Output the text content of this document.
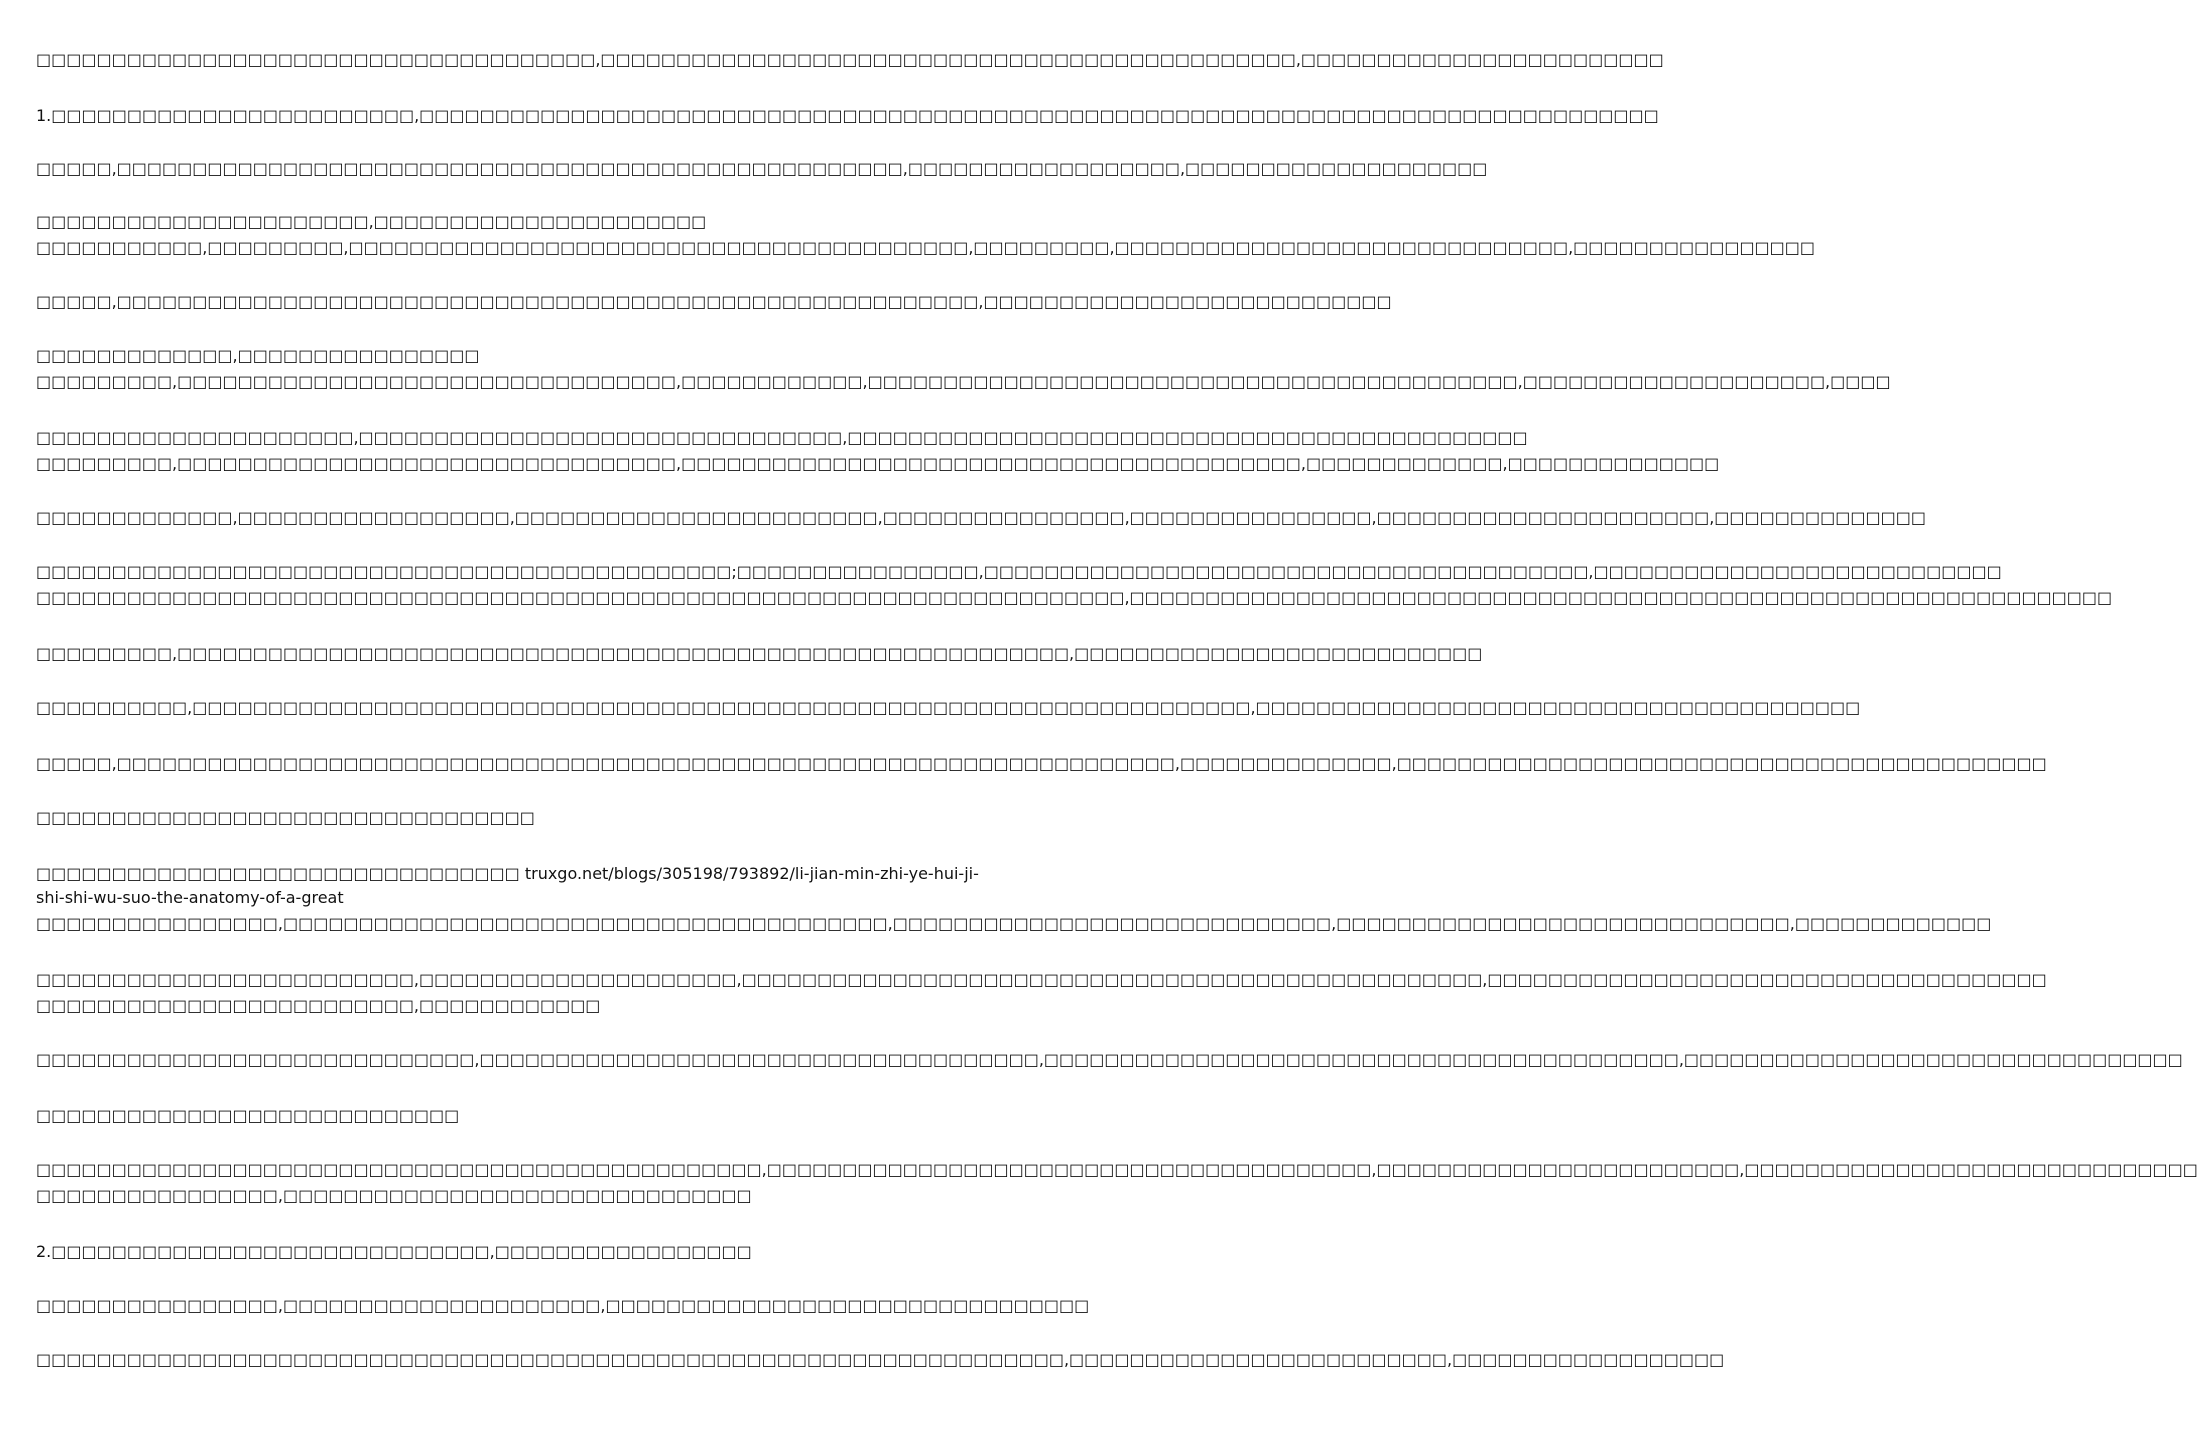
□□□□□□□□□□□□□□□□□□□□□□□□□□□□□□□□□□□□□,□□□□□□□□□□□□□□□□□□□□□□□□□□□□□□□□□□□□□□□□□□□□□□,□□□□□□□□□□□□□□□□□□□□□□□□
1.□□□□□□□□□□□□□□□□□□□□□□□□,□□□□□□□□□□□□□□□□□□□□□□□□□□□□□□□□□□□□□□□□□□□□□□□□□□□□□□□□□□□□□□□□□□□□□□□□□□□□□□□□□□
□□□□□,□□□□□□□□□□□□□□□□□□□□□□□□□□□□□□□□□□□□□□□□□□□□□□□□□□□□,□□□□□□□□□□□□□□□□□□,□□□□□□□□□□□□□□□□□□□□
□□□□□□□□□□□□□□□□□□□□□□,□□□□□□□□□□□□□□□□□□□□□□
□□□□□□□□□□□,□□□□□□□□□,□□□□□□□□□□□□□□□□□□□□□□□□□□□□□□□□□□□□□□□□□,□□□□□□□□□,□□□□□□□□□□□□□□□□□□□□□□□□□□□□□□,□□□□□□□□□□□□□□□□
□□□□□,□□□□□□□□□□□□□□□□□□□□□□□□□□□□□□□□□□□□□□□□□□□□□□□□□□□□□□□□□,□□□□□□□□□□□□□□□□□□□□□□□□□□□
□□□□□□□□□□□□□,□□□□□□□□□□□□□□□□
□□□□□□□□□,□□□□□□□□□□□□□□□□□□□□□□□□□□□□□□□□□,□□□□□□□□□□□□,□□□□□□□□□□□□□□□□□□□□□□□□□□□□□□□□□□□□□□□□□□□,□□□□□□□□□□□□□□□□□□□□,□□□□
□□□□□□□□□□□□□□□□□□□□□,□□□□□□□□□□□□□□□□□□□□□□□□□□□□□□□□,□□□□□□□□□□□□□□□□□□□□□□□□□□□□□□□□□□□□□□□□□□□□□
□□□□□□□□□,□□□□□□□□□□□□□□□□□□□□□□□□□□□□□□□□□,□□□□□□□□□□□□□□□□□□□□□□□□□□□□□□□□□□□□□□□□□,□□□□□□□□□□□□□,□□□□□□□□□□□□□□
□□□□□□□□□□□□□,□□□□□□□□□□□□□□□□□□,□□□□□□□□□□□□□□□□□□□□□□□□,□□□□□□□□□□□□□□□□,□□□□□□□□□□□□□□□□,□□□□□□□□□□□□□□□□□□□□□□,□□□□□□□□□□□□□□
□□□□□□□□□□□□□□□□□□□□□□□□□□□□□□□□□□□□□□□□□□□□□□;□□□□□□□□□□□□□□□□,□□□□□□□□□□□□□□□□□□□□□□□□□□□□□□□□□□□□□□□□,□□□□□□□□□□□□□□□□□□□□□□□□□□□
□□□□□□□□□□□□□□□□□□□□□□□□□□□□□□□□□□□□□□□□□□□□□□□□□□□□□□□□□□□□□□□□□□□□□□□□,□□□□□□□□□□□□□□□□□□□□□□□□□□□□□□□□□□□□□□□□□□□□□□□□□□□□□□□□□□□□□□□□□
□□□□□□□□□,□□□□□□□□□□□□□□□□□□□□□□□□□□□□□□□□□□□□□□□□□□□□□□□□□□□□□□□□□□□,□□□□□□□□□□□□□□□□□□□□□□□□□□□
□□□□□□□□□□,□□□□□□□□□□□□□□□□□□□□□□□□□□□□□□□□□□□□□□□□□□□□□□□□□□□□□□□□□□□□□□□□□□□□□□,□□□□□□□□□□□□□□□□□□□□□□□□□□□□□□□□□□□□□□□□
□□□□□,□□□□□□□□□□□□□□□□□□□□□□□□□□□□□□□□□□□□□□□□□□□□□□□□□□□□□□□□□□□□□□□□□□□□□□,□□□□□□□□□□□□□□,□□□□□□□□□□□□□□□□□□□□□□□□□□□□□□□□□□□□□□□□□□□
□□□□□□□□□□□□□□□□□□□□□□□□□□□□□□□□□
□□□□□□□□□□□□□□□□□□□□□□□□□□□□□□□□ truxgo.net/blogs/305198/793892/li-jian-min-zhi-ye-hui-ji-shi-shi-wu-suo-the-anatomy-of-a-great
□□□□□□□□□□□□□□□□,□□□□□□□□□□□□□□□□□□□□□□□□□□□□□□□□□□□□□□□□,□□□□□□□□□□□□□□□□□□□□□□□□□□□□□,□□□□□□□□□□□□□□□□□□□□□□□□□□□□□□,□□□□□□□□□□□□□
□□□□□□□□□□□□□□□□□□□□□□□□□,□□□□□□□□□□□□□□□□□□□□□,□□□□□□□□□□□□□□□□□□□□□□□□□□□□□□□□□□□□□□□□□□□□□□□□□,□□□□□□□□□□□□□□□□□□□□□□□□□□□□□□□□□□□□□
□□□□□□□□□□□□□□□□□□□□□□□□□,□□□□□□□□□□□□
□□□□□□□□□□□□□□□□□□□□□□□□□□□□□,□□□□□□□□□□□□□□□□□□□□□□□□□□□□□□□□□□□□□,□□□□□□□□□□□□□□□□□□□□□□□□□□□□□□□□□□□□□□□□□□,□□□□□□□□□□□□□□□□□□□□□□□□□□□□□□□□□
□□□□□□□□□□□□□□□□□□□□□□□□□□□□
□□□□□□□□□□□□□□□□□□□□□□□□□□□□□□□□□□□□□□□□□□□□□□□□,□□□□□□□□□□□□□□□□□□□□□□□□□□□□□□□□□□□□□□□□,□□□□□□□□□□□□□□□□□□□□□□□□,□□□□□□□□□□□□□□□□□□□□□□□□□□□□□□
□□□□□□□□□□□□□□□□,□□□□□□□□□□□□□□□□□□□□□□□□□□□□□□□
2.□□□□□□□□□□□□□□□□□□□□□□□□□□□□□,□□□□□□□□□□□□□□□□□
□□□□□□□□□□□□□□□□,□□□□□□□□□□□□□□□□□□□□□,□□□□□□□□□□□□□□□□□□□□□□□□□□□□□□□□
□□□□□□□□□□□□□□□□□□□□□□□□□□□□□□□□□□□□□□□□□□□□□□□□□□□□□□□□□□□□□□□□□□□□,□□□□□□□□□□□□□□□□□□□□□□□□□,□□□□□□□□□□□□□□□□□□
